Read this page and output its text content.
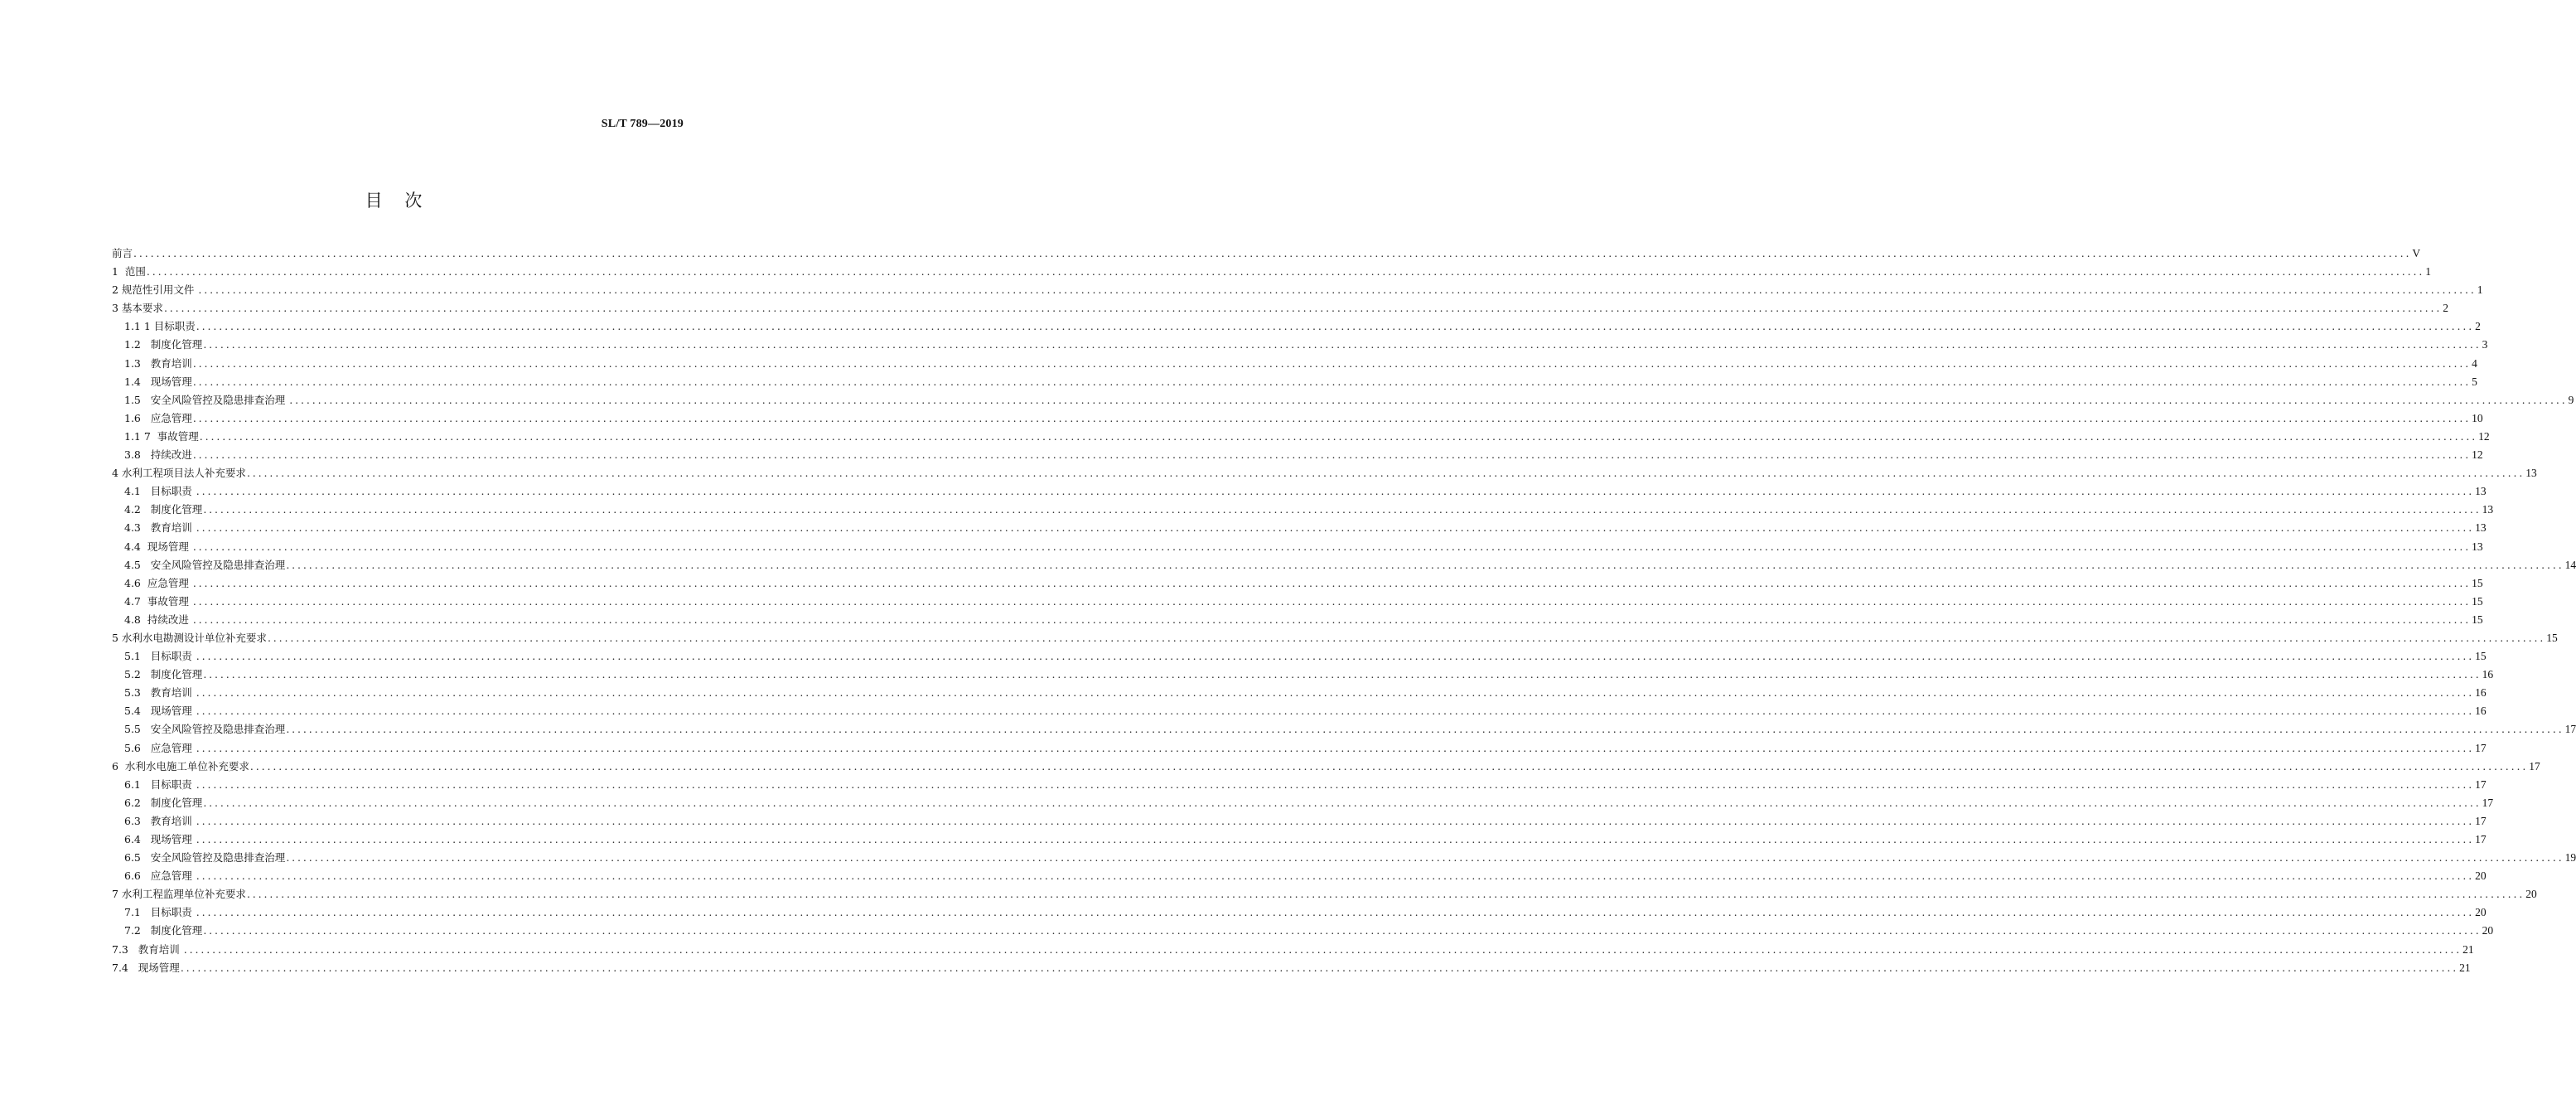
SL/T 789—2019
目 次
前言 ................................................................................................................................................................................................................................................................................................................................................................................................................ V
1  范围 ................................................................................................................................................................................................................................................................................................................................................................................................................ 1
2 规范性引用文件 ................................................................................................................................................................................................................................................................................................................................................................................................................ 1
3 基本要求 ................................................................................................................................................................................................................................................................................................................................................................................................................ 2
1.1 1 目标职责 ................................................................................................................................................................................................................................................................................................................................................................................................................ 2
1.2   制度化管理 ................................................................................................................................................................................................................................................................................................................................................................................................................ 3
1.3   教育培训 ................................................................................................................................................................................................................................................................................................................................................................................................................ 4
1.4   现场管理 ................................................................................................................................................................................................................................................................................................................................................................................................................ 5
1.5   安全风险管控及隐患排查治理 ................................................................................................................................................................................................................................................................................................................................................................................................................ 9
1.6   应急管理 ................................................................................................................................................................................................................................................................................................................................................................................................................ 10
1.1 7  事故管理 ................................................................................................................................................................................................................................................................................................................................................................................................................ 12
3.8   持续改进 ................................................................................................................................................................................................................................................................................................................................................................................................................ 12
4 水利工程项目法人补充要求 ................................................................................................................................................................................................................................................................................................................................................................................................................ 13
4.1   目标职责 ................................................................................................................................................................................................................................................................................................................................................................................................................ 13
4.2   制度化管理 ................................................................................................................................................................................................................................................................................................................................................................................................................ 13
4.3   教育培训 ................................................................................................................................................................................................................................................................................................................................................................................................................ 13
4.4  现场管理 ................................................................................................................................................................................................................................................................................................................................................................................................................ 13
4.5   安全风险管控及隐患排查治理 ................................................................................................................................................................................................................................................................................................................................................................................................................ 14
4.6  应急管理 ................................................................................................................................................................................................................................................................................................................................................................................................................ 15
4.7  事故管理 ................................................................................................................................................................................................................................................................................................................................................................................................................ 15
4.8  持续改进 ................................................................................................................................................................................................................................................................................................................................................................................................................ 15
5 水利水电勘测设计单位补充要求 ................................................................................................................................................................................................................................................................................................................................................................................................................ 15
5.1   目标职责 ................................................................................................................................................................................................................................................................................................................................................................................................................ 15
5.2   制度化管理 ................................................................................................................................................................................................................................................................................................................................................................................................................ 16
5.3   教育培训 ................................................................................................................................................................................................................................................................................................................................................................................................................ 16
5.4   现场管理 ................................................................................................................................................................................................................................................................................................................................................................................................................ 16
5.5   安全风险管控及隐患排查治理 ................................................................................................................................................................................................................................................................................................................................................................................................................ 17
5.6   应急管理 ................................................................................................................................................................................................................................................................................................................................................................................................................ 17
6  水利水电施工单位补充要求 ................................................................................................................................................................................................................................................................................................................................................................................................................ 17
6.1   目标职责 ................................................................................................................................................................................................................................................................................................................................................................................................................ 17
6.2   制度化管理 ................................................................................................................................................................................................................................................................................................................................................................................................................ 17
6.3   教育培训 ................................................................................................................................................................................................................................................................................................................................................................................................................ 17
6.4   现场管理 ................................................................................................................................................................................................................................................................................................................................................................................................................ 17
6.5   安全风险管控及隐患排查治理 ................................................................................................................................................................................................................................................................................................................................................................................................................ 19
6.6   应急管理 ................................................................................................................................................................................................................................................................................................................................................................................................................ 20
7 水利工程监理单位补充要求 ................................................................................................................................................................................................................................................................................................................................................................................................................ 20
7.1   目标职责 ................................................................................................................................................................................................................................................................................................................................................................................................................ 20
7.2   制度化管理 ................................................................................................................................................................................................................................................................................................................................................................................................................ 20
7.3   教育培训 ................................................................................................................................................................................................................................................................................................................................................................................................................ 21
7.4   现场管理 ................................................................................................................................................................................................................................................................................................................................................................................................................ 21
